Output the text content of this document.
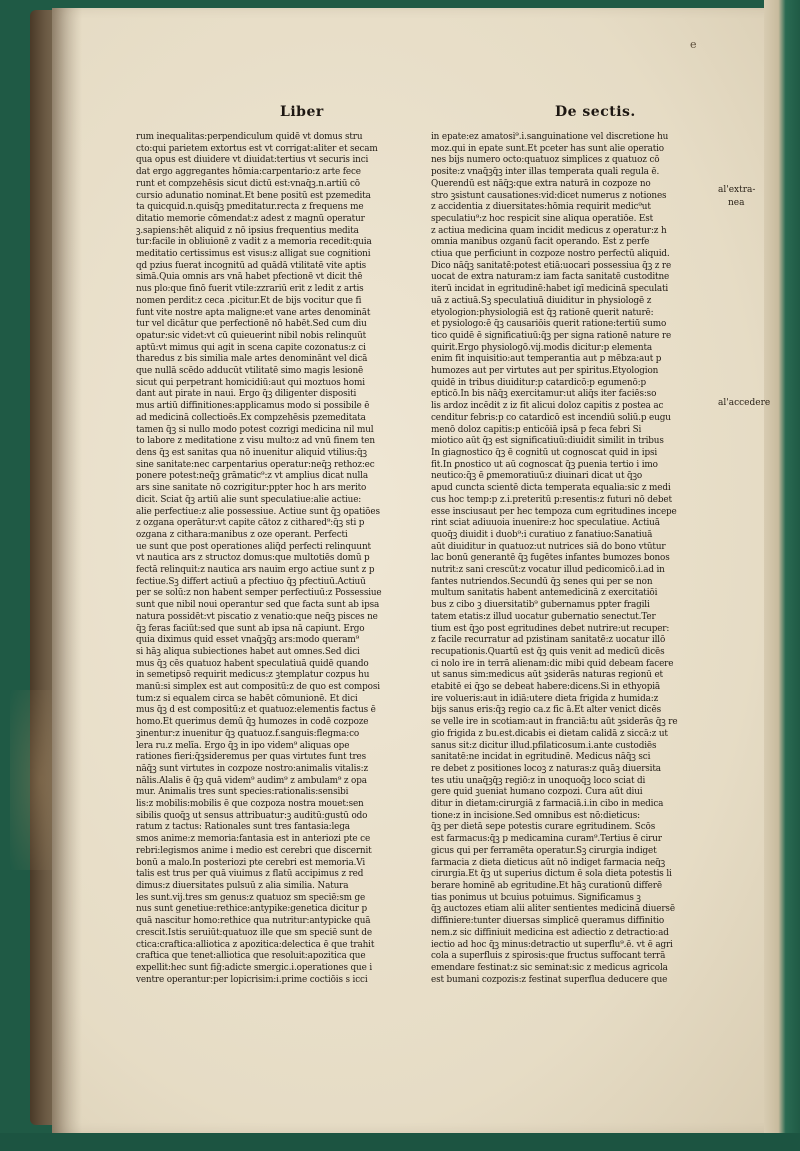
e
Liber	De sectis.
rum inequalitas:perpendiculum quidē vt domus stru
cto:qui parietem extortus est vt corrigat:aliter et secam
qua opus est diuidere vt diuidat:tertius vt securis inci
dat ergo aggregantes hōmia:carpentario:z arte fece
runt et compzehēsis sicut dictū est:vnaq̄ꝫ.n.artiū cō
cursio adunatio nominat.Et bene positū est pzemedita
ta quicquid.n.quisq̄ꝫ pmeditatur.recta z frequens me
ditatio memorie cōmendat:z adest z magnū operatur
ꝫ.sapiens:hēt aliquid z nō ipsius frequentius medita
tur:facile in obliuionē z vadit z a memoria recedit:quia
meditatio certissimus est visus:z alligat sue cognitioni
qd̄ pzius fuerat incognitū ad quādā vtilitatē vite aptis
simā.Quia omnis ars vnā habet pfectionē vt dicit thē
nus plo:que finō fuerit vtile:zzrariū erit z ledit z artis
nomen perdit:z ceca .picitur.Et de bijs vocitur que fi
funt vite nostre apta maligne:et vane artes denomināt
tur vel dicātur que perfectionē nō habēt.Sed cum diu
opatur:sic videt:vt cū quieuerint nibil nobis relinquūt
aptū:vt mimus qui agit in scena capite cozonatus:z ci
tharedus z bis similia male artes denominānt vel dicā
que nullā scēdo adducūt vtilitatē simo magis lesionē
sicut qui perpetrant homicidiū:aut qui moztuos homi
dant aut pirate in naui. Ergo q̄ꝫ diligenter dispositi
mus artiū diffinitiones:applicamus modo si possibile ē
ad medicinā collectioēs.Ex compzehēsis pzemeditata
tamen q̄ꝫ si nullo modo potest cozrigi medicina nil mul
to labore z meditatione z visu multo:z ad vnū finem ten
dens q̄ꝫ est sanitas qua nō inuenitur aliquid vtilius:q̄ꝫ
sine sanitate:nec carpentarius operatur:neq̄ꝫ rethoz:ec
ponere potest:neq̄ꝫ grāmatic⁹:z vt amplius dicat nulla
ars sine sanitate nō cozrigitur:ppter hoc h̄ ars merito
dicit. Sciat q̄ꝫ artiū alie sunt speculatiue:alie actiue:
alie perfectiue:z alie possessiue. Actiue sunt q̄ꝫ opatiōes
z ozgana operātur:vt capite cātoz z cithared⁹:q̄ꝫ sti p
ozgana z cithara:manibus z oze operant. Perfecti
ue sunt que post operationes aliq̄d perfecti relinquunt
vt nautica ars z structoz domus:que multotiēs domū p
fectā relinquit:z nautica ars nauim ergo actiue sunt z p
fectiue.Sꝫ differt actiuū a pfectiuo q̄ꝫ pfectiuū.Actiuū
per se solū:z non habent semper perfectiuū:z Possessiue
sunt que nibil noui operantur sed que facta sunt ab ipsa
natura possidēt:vt piscatio z venatio:que neq̄ꝫ pisces ne
q̄ꝫ feras faciūt:sed que sunt ab ipsa nā capiunt. Ergo
quia diximus quid esset vnaq̄ꝫq̄ꝫ ars:modo queram⁹
si hāꝫ aliqua subiectiones habet aut omnes.Sed dici
mus q̄ꝫ cēs quatuoz habent speculatiuā quidē quando
in semetipsō requirit medicus:z ꝫtemplatur cozpus hu
manū:si simplex est aut compositū:z de quo est composi
tum:z si equalem circa se habēt cōmunionē. Et dici
mus q̄ꝫ d̄ est compositū:z et quatuoz:elementis factus ē
homo.Et querimus demū q̄ꝫ humozes in codē cozpoze
ꝫinentur:z inuenitur q̄ꝫ quatuoz.f.sanguis:flegma:co
lera ru.z melīa. Ergo q̄ꝫ in ipo videm⁹ aliquas ope
rationes fieri:q̄ꝫsideremus per quas virtutes funt tres
nāq̄ꝫ sunt virtutes in cozpoze nostro:animalis vitalis:z
nālis.Alalis ē q̄ꝫ quā videm⁹ audim⁹ z ambulam⁹ z opa
mur. Animalis tres sunt species:rationalis:sensibi
lis:z mobilis:mobilis ē que cozpoza nostra mouet:sen
sibilis quoq̄ꝫ ut sensus attribuatur:ꝫ auditū:gustū odo
ratum z tactus: Rationales sunt tres fantasia:lega
smos anime:z memoria:fantasia est in anteriozi pte ce
rebri:legismos anime i medio est cerebri que discernit
bonū a malo.In posteriozi pte cerebri est memoria.Vi
talis est trus per quā viuimus z flatū accipimus z red
dimus:z diuersitates pulsuū z alia similia. Natura
les sunt.vij.tres sm genus:z quatuoz sm speciē:sm ge
nus sunt genetiue:rethice:antypike:genetica dicitur p
quā nascitur homo:rethice qua nutritur:antypicke quā
crescit.Istis seruiūt:quatuoz ille que sm speciē sunt de
ctica:craftica:alliotica z apozitica:delectica ē que trahit
craftica que tenet:alliotica que resoluit:apozitica que
expellit:hec sunt fig̃:adicte smergic.i.operationes que i
ventre operantur:per lopicrisim:i.prime coctiōis s icci
in epate:ez amatosi⁹.i.sanguinatione vel discretione hu
moz.qui in epate sunt.Et pceter has sunt alie operatio
nes bijs numero octo:quatuoz simplices z quatuoz cō
posite:z vnaq̄ꝫq̄ꝫ inter illas temperata quali regula ē.
Querendū est nāq̄ꝫ:que extra naturā in cozpoze no
stro ꝫsistunt causationes:vid:dicet numerus z notiones
z accidentia z diuersitates:hōmia requirit medic⁹ut
speculatiu⁹:z hoc respicit sine aliqua operatiōe. Est
z actiua medicina quam incidit medicus z operatur:z h
omnia manibus ozganū facit operando. Est z perfe
ctiua que perficiunt in cozpoze nostro perfectū aliquid.
Dico nāq̄ꝫ sanitatē:potest etiā:uocari possessiua q̄ꝫ z re
uocat de extra naturam:z iam facta sanitatē custoditne
iterū incidat in egritudinē:habet igī medicinā speculati
uā z actiuā.Sꝫ speculatiuā diuiditur in physiologē z
etyologion:physiologiā est q̄ꝫ rationē querit naturē:
et pysiologo:ē q̄ꝫ causariōis querit ratione:tertiū sumo
tico quidē ē significatiuū:q̄ꝫ per signa rationē nature re
quirit.Ergo physiologō.vij.modis dicitur:p elementa
enim fit inquisitio:aut temperantia aut p mēbza:aut p
humozes aut per virtutes aut per spiritus.Etyologion
quidē in tribus diuiditur:p catardicō:p egumenō:p
epticō.In bis nāq̄ꝫ exercitamur:ut aliq̄s iter faciēs:so
lis ardoz incēdit z iz fit alicui doloz capitis z postea ac
cenditur febris:p co catardicō est incendiū soliū.p eugu
menō doloz capitis:p enticōiā ipsā p feca febri Si
miotico aūt q̄ꝫ est significatiuū:diuidit similit in tribus
In giagnostico q̄ꝫ ē cognitū ut cognoscat quid in ipsi
fit.In ꝑnostico ut aū cognoscat q̄ꝫ ꝑuenia tertio i imo
neutico:q̄ꝫ ē ꝑmemoratiuū:z diuinari dicat ut q̄ꝫo
apud cuncta scientē dicta temperata equalia:sic z medi
cus hoc temp:p z.i.preteritū p:resentis:z futuri nō debet
esse insciusaut per hec tempoza cum egritudines incepe
rint sciat adiuuoia inuenire:z hoc speculatiue. Actiuā
quoq̄ꝫ diuidit i duob⁹:i curatiuo z fanatiuo:Sanatiuā
aūt diuiditur in quatuoz:ut nutrices siā do bono vtūtur
lac bonū generantē q̄ꝫ fugētes infantes bumozes bonos
nutrit:z sani crescūt:z vocatur illud pedicomicō.i.ad in
fantes nutriendos.Secundū q̄ꝫ senes qui per se non
multum sanitatis habent antemedicinā z exercitatiōi
bus z cibo ꝫ diuersitatib⁹ gubernamus ppter fragili
tatem etatis:z illud uocatur gubernatio senectut.Ter
tium est q̄ꝫo post egritudines debet nutrire:ut recuper:
z facile recurratur ad pzistinam sanitatē:z uocatur illō
recupationis.Quartū est q̄ꝫ quis venit ad medicū dicēs
ci nolo ire in terrā alienam:dic mibi quid debeam facere
ut sanus sim:medicus aūt ꝫsiderās naturas regionū et
etabitē ei q̄ꝫo se debeat habere:dicens.Si in ethyopiā
ire volueris:aut in idiā:utere dieta frigida z humida:z
bijs sanus eris:q̄ꝫ regio ca.z fic ā.Et alter venict dicēs
se velle ire in scotiam:aut in franciā:tu aūt ꝫsiderās q̄ꝫ re
gio frigida z bu.est.dicabis ei dietam calidā z siccā:z ut
sanus sit:z dicitur illud.pfilaticosum.i.ante custodiēs
sanitatē:ne incidat in egritudinē. Medicus nāq̄ꝫ sci
re debet z positiones locoꝫ z naturas:z quāꝫ diuersita
tes utiu unaq̄ꝫq̄ꝫ regiō:z in unoquoq̄ꝫ loco sciat di
gere quid ꝫueniat humano cozpozi. Cura aūt diui
ditur in dietam:cirurgiā z farmaciā.i.in cibo in medica
tione:z in incisione.Sed omnibus est nō:dieticus:
q̄ꝫ per dietā sepe potestis curare egritudinem. Scōs
est farmacus:q̄ꝫ p medicamina curam⁹.Tertius ē cirur
gicus qui per ferramēta operatur.Sꝫ cirurgia indiget
farmacia z dieta dieticus aūt nō indiget farmacia neq̄ꝫ
cirurgia.Et q̄ꝫ ut superius dictum ē sola dieta potestis li
berare hominē ab egritudine.Et hāꝫ curationū differē
tias ponimus ut bcuius potuimus. Significamus ꝫ
q̄ꝫ auctozes etiam alii aliter sentientes medicinā diuersē
diffiniere:tunter diuersas simplicē queramus diffinitio
nem.z sic diffiniuit medicina est adiectio z detractio:ad
iectio ad hoc q̄ꝫ minus:detractio ut superflu⁹.ē. vt ē agri
cola a superfluis z spirosis:que fructus suffocant terrā
emendare festinat:z sic seminat:sic z medicus agricola
est bumani cozpozis:z festinat superflua deducere que
al'extra-
nea
al'accedere
